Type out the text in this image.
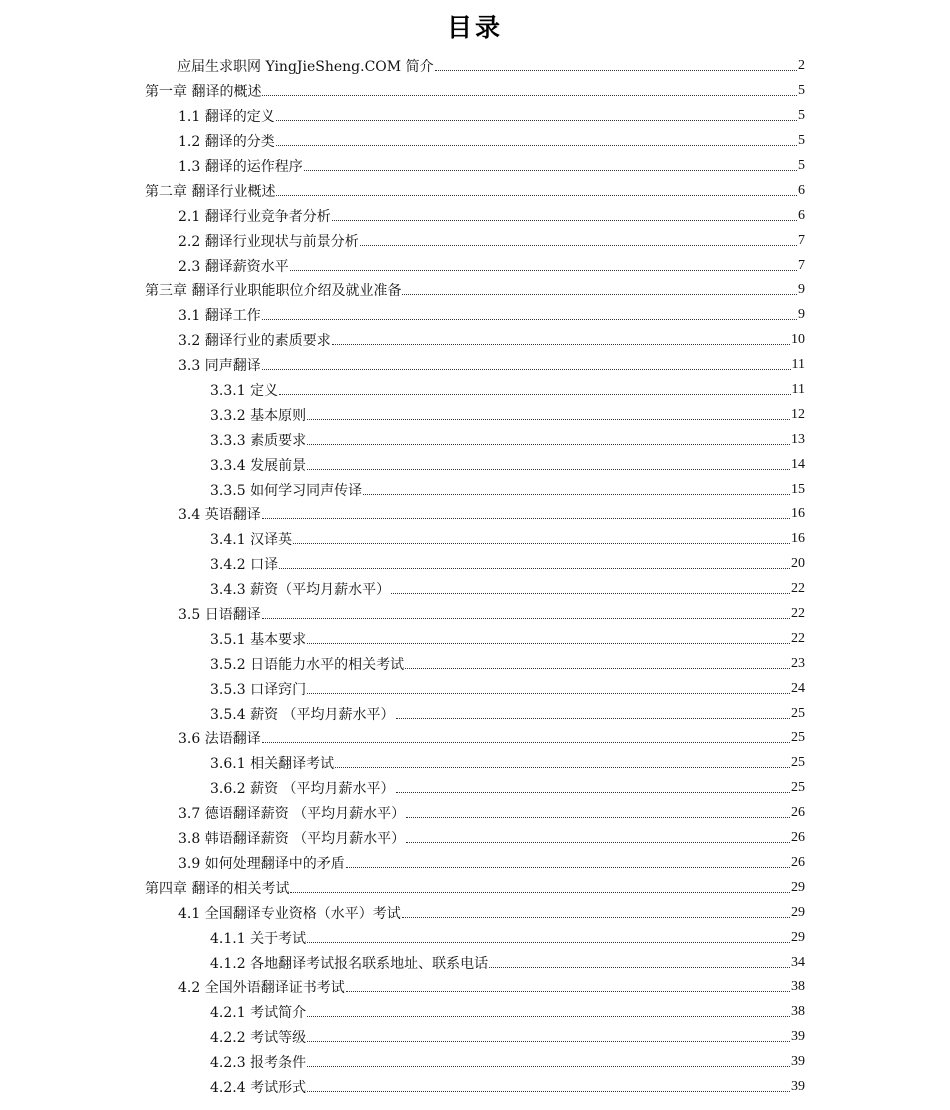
目录
应届生求职网 YingJieSheng.COM 简介	2
第一章 翻译的概述	5
1.1 翻译的定义	5
1.2 翻译的分类	5
1.3 翻译的运作程序	5
第二章 翻译行业概述	6
2.1 翻译行业竞争者分析	6
2.2 翻译行业现状与前景分析	7
2.3 翻译薪资水平	7
第三章 翻译行业职能职位介绍及就业准备	9
3.1 翻译工作	9
3.2 翻译行业的素质要求	10
3.3 同声翻译	11
3.3.1 定义	11
3.3.2 基本原则	12
3.3.3 素质要求	13
3.3.4 发展前景	14
3.3.5 如何学习同声传译	15
3.4 英语翻译	16
3.4.1 汉译英	16
3.4.2 口译	20
3.4.3 薪资（平均月薪水平）	22
3.5 日语翻译	22
3.5.1 基本要求	22
3.5.2 日语能力水平的相关考试	23
3.5.3 口译窍门	24
3.5.4 薪资 （平均月薪水平）	25
3.6 法语翻译	25
3.6.1 相关翻译考试	25
3.6.2 薪资 （平均月薪水平）	25
3.7 德语翻译薪资 （平均月薪水平）	26
3.8 韩语翻译薪资 （平均月薪水平）	26
3.9 如何处理翻译中的矛盾	26
第四章 翻译的相关考试	29
4.1 全国翻译专业资格（水平）考试	29
4.1.1 关于考试	29
4.1.2 各地翻译考试报名联系地址、联系电话	34
4.2 全国外语翻译证书考试	38
4.2.1 考试简介	38
4.2.2 考试等级	39
4.2.3 报考条件	39
4.2.4 考试形式	39
